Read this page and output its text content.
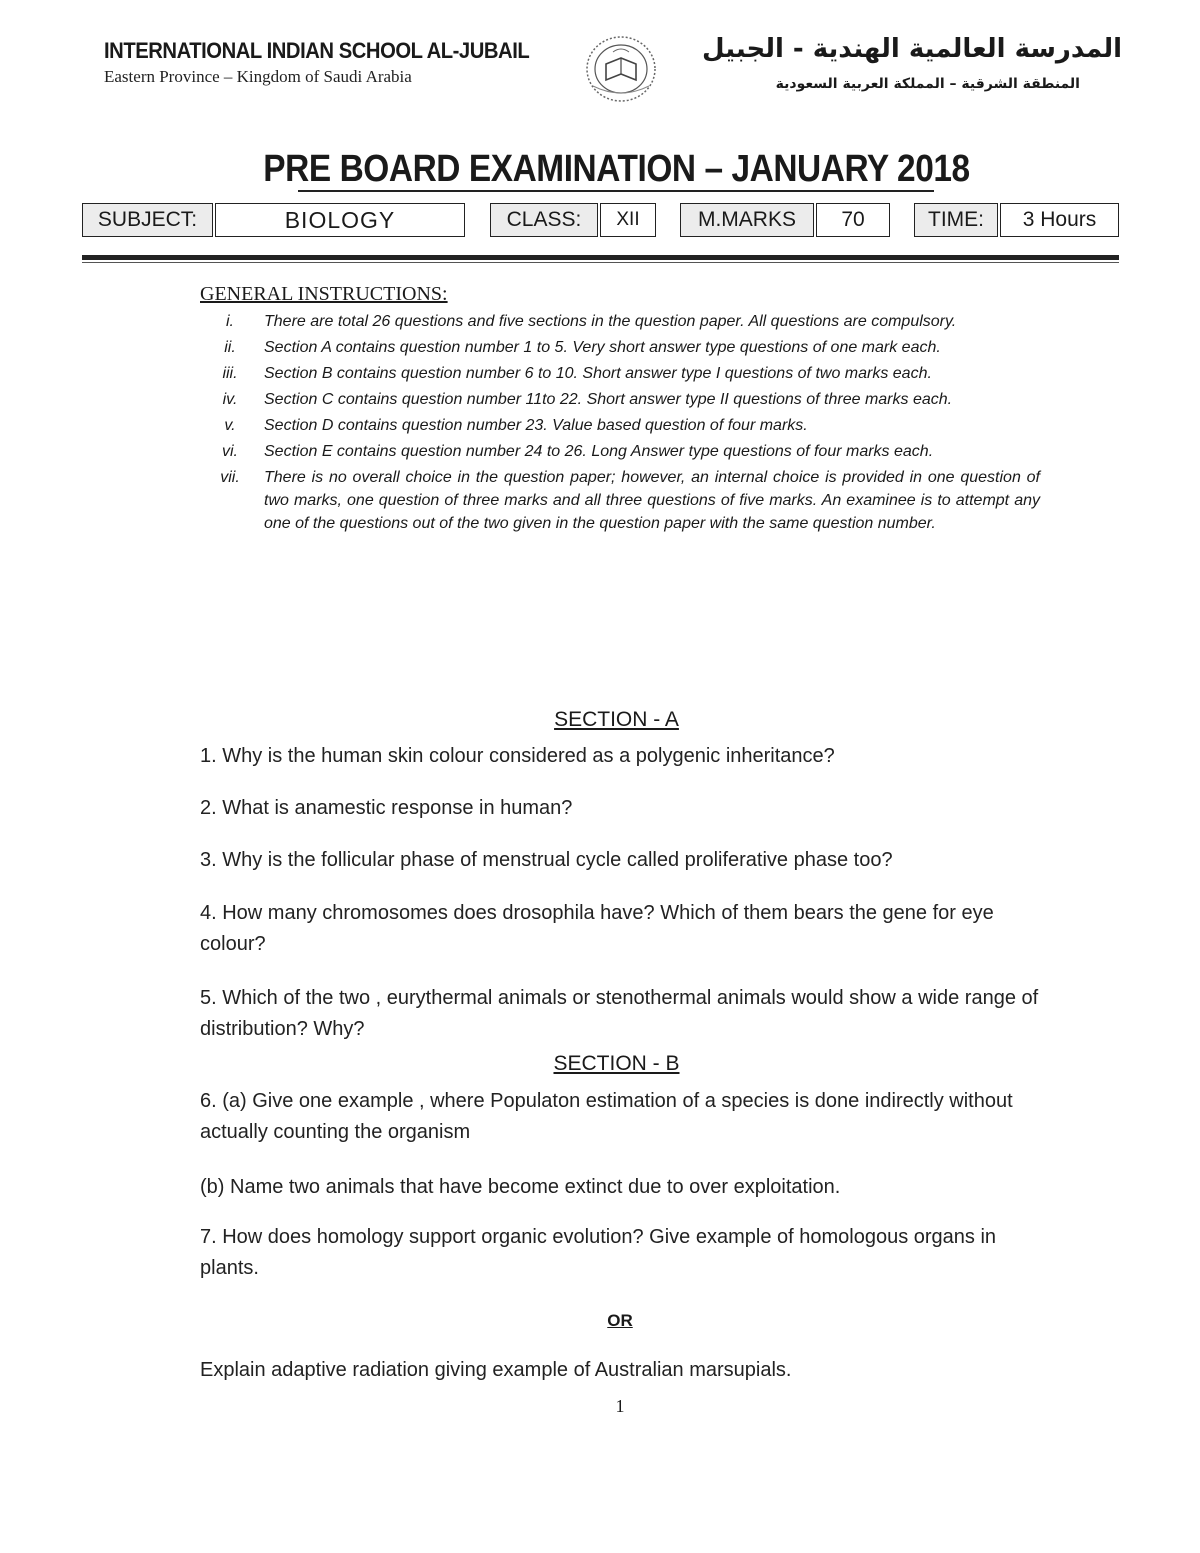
INTERNATIONAL INDIAN SCHOOL AL-JUBAIL
Eastern Province – Kingdom of Saudi Arabia
المدرسة العالمية الهندية - الجبيل
المنطقة الشرقية – المملكة العربية السعودية
PRE BOARD EXAMINATION – JANUARY 2018
SUBJECT:	BIOLOGY	CLASS:	XII	M.MARKS	70	TIME:	3 Hours
GENERAL INSTRUCTIONS:
i.	There are total 26 questions and five sections in the question paper. All questions are compulsory.
ii.	Section A contains question number 1 to 5. Very short answer type questions of one mark each.
iii.	Section B contains question number 6 to 10. Short answer type I questions of two marks each.
iv.	Section C contains question number 11to 22. Short answer type II questions of three marks each.
v.	Section D contains question number 23. Value based question of four marks.
vi.	Section E contains question number 24 to 26. Long Answer type questions of four marks each.
vii.	There is no overall choice in the question paper; however, an internal choice is provided in one question of two marks, one question of three marks and all three questions of five marks. An examinee is to attempt any one of the questions out of the two given in the question paper with the same question number.
SECTION - A
1. Why is the human skin colour considered as a polygenic inheritance?
2. What is anamestic response in human?
3. Why is the follicular phase of menstrual cycle called proliferative phase too?
4. How many chromosomes does drosophila have? Which of them bears the gene for eye colour?
5. Which of the two , eurythermal animals or stenothermal animals would show a wide range of distribution? Why?
SECTION - B
6. (a) Give one example , where Populaton estimation of a species is done indirectly without actually counting the organism
(b) Name two animals that have become extinct due to over exploitation.
7. How does homology support organic evolution? Give example of homologous organs in plants.
OR
Explain adaptive radiation giving example of Australian marsupials.
1
